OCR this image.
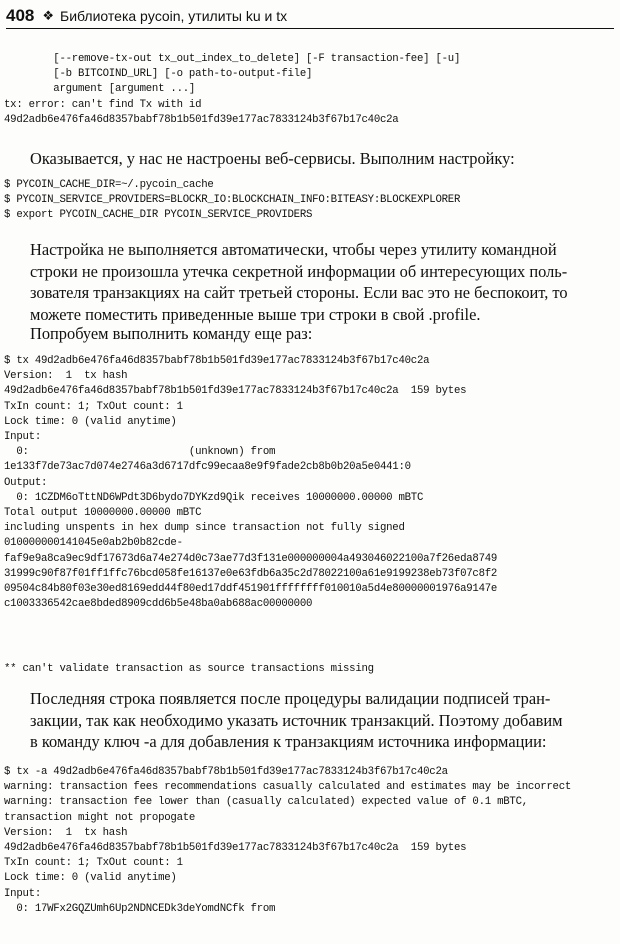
408 ❖ Библиотека pycoin, утилиты ku и tx
[--remove-tx-out tx_out_index_to_delete] [-F transaction-fee] [-u]
[-b BITCOIND_URL] [-o path-to-output-file]
argument [argument ...]
tx: error: can't find Tx with id
49d2adb6e476fa46d8357babf78b1b501fd39e177ac7833124b3f67b17c40c2a

Оказывается, у нас не настроены веб-сервисы. Выполним настройку:

$ PYCOIN_CACHE_DIR=~/.pycoin_cache
$ PYCOIN_SERVICE_PROVIDERS=BLOCKR_IO:BLOCKCHAIN_INFO:BITEASY:BLOCKEXPLORER
$ export PYCOIN_CACHE_DIR PYCOIN_SERVICE_PROVIDERS

Настройка не выполняется автоматически, чтобы через утилиту командной
строки не произошла утечка секретной информации об интересующих поль-
зователя транзакциях на сайт третьей стороны. Если вас это не беспокоит, то
можете поместить приведенные выше три строки в свой .profile.

Попробуем выполнить команду еще раз:

$ tx 49d2adb6e476fa46d8357babf78b1b501fd39e177ac7833124b3f67b17c40c2a
Version:  1  tx hash
49d2adb6e476fa46d8357babf78b1b501fd39e177ac7833124b3f67b17c40c2a  159 bytes
TxIn count: 1; TxOut count: 1
Lock time: 0 (valid anytime)
Input:
0:                          (unknown) from
1e133f7de73ac7d074e2746a3d6717dfc99ecaa8e9f9fade2cb8b0b20a5e0441:0
Output:
0: 1CZDM6oTttND6WPdt3D6bydo7DYKzd9Qik receives 10000000.00000 mBTC
Total output 10000000.00000 mBTC
including unspents in hex dump since transaction not fully signed
010000000141045e0ab2b0b82cde-
faf9e9a8ca9ec9df17673d6a74e274d0c73ae77d3f131e000000004a493046022100a7f26eda8749
31999c90f87f01ff1ffc76bcd058fe16137e0e63fdb6a35c2d78022100a61e9199238eb73f07c8f2
09504c84b80f03e30ed8169edd44f80ed17ddf451901ffffffff010010a5d4e80000001976a9147e
c1003336542cae8bded8909cdd6b5e48ba0ab688ac00000000
** can't validate transaction as source transactions missing

Последняя строка появляется после процедуры валидации подписей тран-
закции, так как необходимо указать источник транзакций. Поэтому добавим
в команду ключ -a для добавления к транзакциям источника информации:

$ tx -a 49d2adb6e476fa46d8357babf78b1b501fd39e177ac7833124b3f67b17c40c2a
warning: transaction fees recommendations casually calculated and estimates may be incorrect
warning: transaction fee lower than (casually calculated) expected value of 0.1 mBTC,
transaction might not propogate
Version:  1  tx hash
49d2adb6e476fa46d8357babf78b1b501fd39e177ac7833124b3f67b17c40c2a  159 bytes
TxIn count: 1; TxOut count: 1
Lock time: 0 (valid anytime)
Input:
0: 17WFx2GQZUmh6Up2NDNCEDk3deYomdNCfk from
